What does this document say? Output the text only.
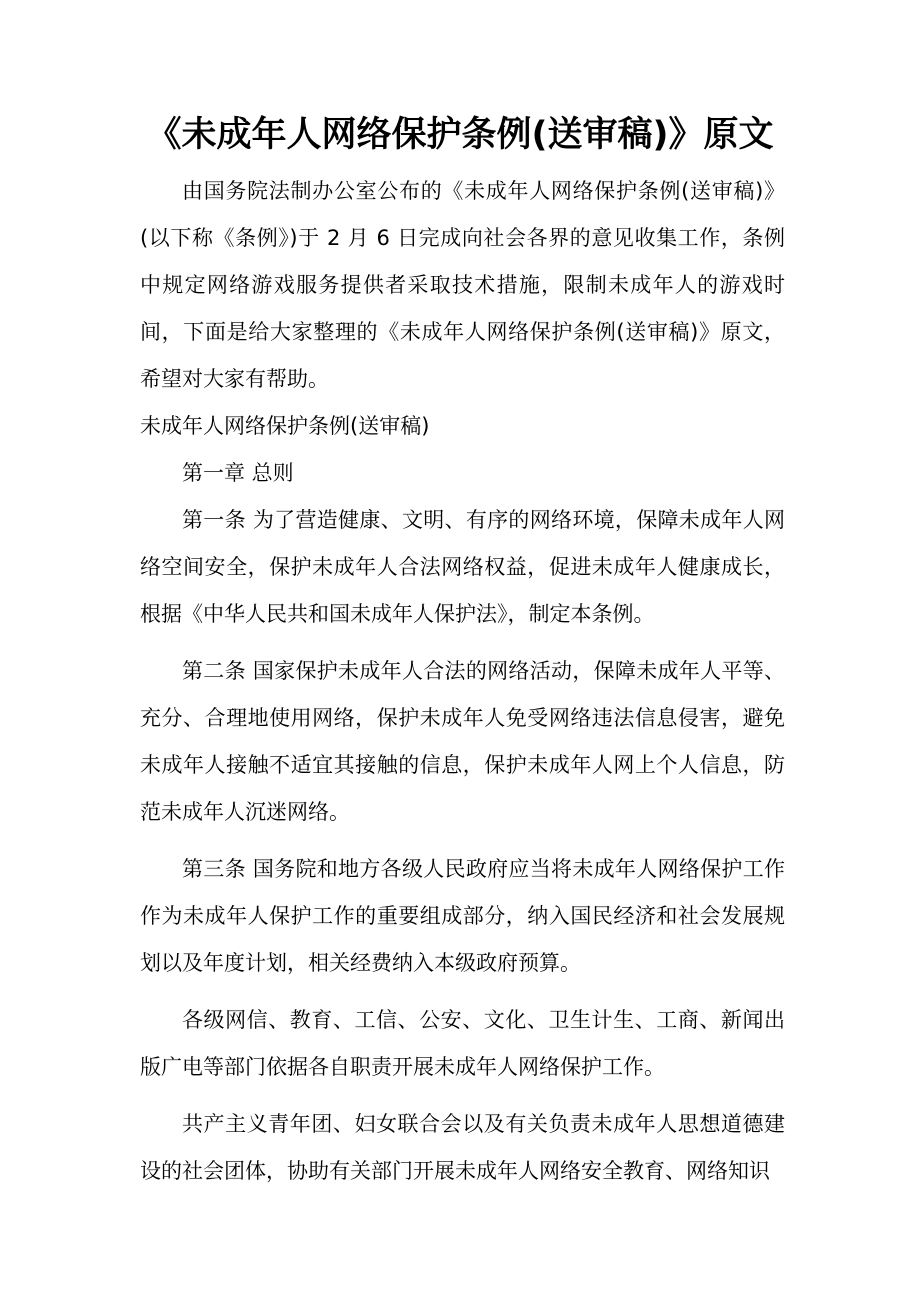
《未成年人网络保护条例(送审稿)》原文

由国务院法制办公室公布的《未成年人网络保护条例(送审稿)》(以下称《条例》)于 2 月 6 日完成向社会各界的意见收集工作，条例中规定网络游戏服务提供者采取技术措施，限制未成年人的游戏时间，下面是给大家整理的《未成年人网络保护条例(送审稿)》原文，希望对大家有帮助。

未成年人网络保护条例(送审稿)

第一章 总则

第一条 为了营造健康、文明、有序的网络环境，保障未成年人网络空间安全，保护未成年人合法网络权益，促进未成年人健康成长，根据《中华人民共和国未成年人保护法》，制定本条例。

第二条 国家保护未成年人合法的网络活动，保障未成年人平等、充分、合理地使用网络，保护未成年人免受网络违法信息侵害，避免未成年人接触不适宜其接触的信息，保护未成年人网上个人信息，防范未成年人沉迷网络。

第三条 国务院和地方各级人民政府应当将未成年人网络保护工作作为未成年人保护工作的重要组成部分，纳入国民经济和社会发展规划以及年度计划，相关经费纳入本级政府预算。

各级网信、教育、工信、公安、文化、卫生计生、工商、新闻出版广电等部门依据各自职责开展未成年人网络保护工作。

共产主义青年团、妇女联合会以及有关负责未成年人思想道德建设的社会团体，协助有关部门开展未成年人网络安全教育、网络知识
